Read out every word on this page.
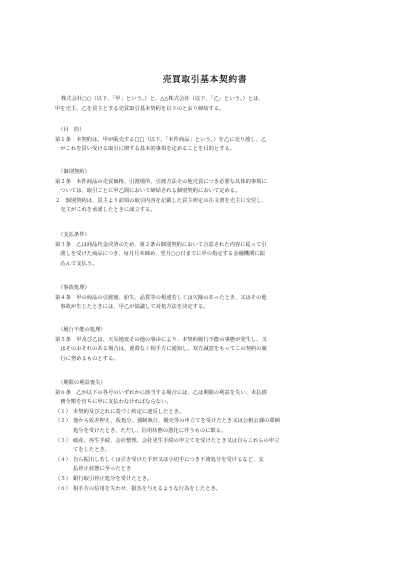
売買取引基本契約書
株式会社○○（以下、「甲」という。）と、△△株式会社（以下、「乙」という。）とは、
甲を売主、乙を買主とする売買取引基本契約を以下のとおり締結する。
（目　的）
第１条　本契約は、甲が販売する□□（以下、「本件商品」という。）を乙に売り渡し、乙
　がこれを買い受ける取引に関する基本的事項を定めることを目的とする。
（個別契約）
第２条　本件商品の売買価格、引渡場所、引渡方法その他売買につき必要な具体的事項に
　ついては、取引ごとに甲乙間において締結される個別契約において定める。
２　個別契約は、買主より前項の取引内容を記載した買主所定の注文書を売主に交付し、
　売主がこれを承諾したときに成立する。
（支払条件）
第３条　乙は商品代金決済のため、第２条の個別契約において合意された内容に従って引
　渡しを受けた商品につき、毎月月末締め、翌月○○日までに甲の指定する金融機関に振
　込んで支払う。
（事故処理）
第４条　甲の商品の引渡後、紛失、品質等の相違若しくは欠陥のあったとき、又はその他
　事故が生じたときには、甲乙が協議して対処方法を決定する。
（履行不能の処理）
第５条　甲及び乙は、天災地変その他の事由により、本契約履行不能の事態が発生し、又
　はそのおそれのある場合は、遅滞なく相手方に通知し、双方誠意をもってこの契約の履
　行に努めるものとする。
（期限の利益喪失）
第６条　乙が以下の各号のいずれかに該当する場合には、乙は期限の利益を失い、未払債
　務全額を直ちに甲に支払わなければならない。
（１） 本契約及び之れに基づく約定に違反したとき。
（２） 他から仮差押え、仮処分、強制執行、競売等の申立てを受けたとき又は公租公課の滞納
処分を受けたとき、ただし、信用状態の悪化に伴うものに限る。
（３） 破産、再生手続、会社整理、会社更生手続の申立てを受けたとき又は自らこれらの申立
てをしたとき。
（４） 自ら振出し若しくは引き受けた手形又は小切手につき不渡処分を受けるなど、支
払停止状態に至ったとき
（５） 銀行取引停止処分を受けたとき。
（６） 相手方の信用を失わせ、損害を与えるような行為をしたとき。
